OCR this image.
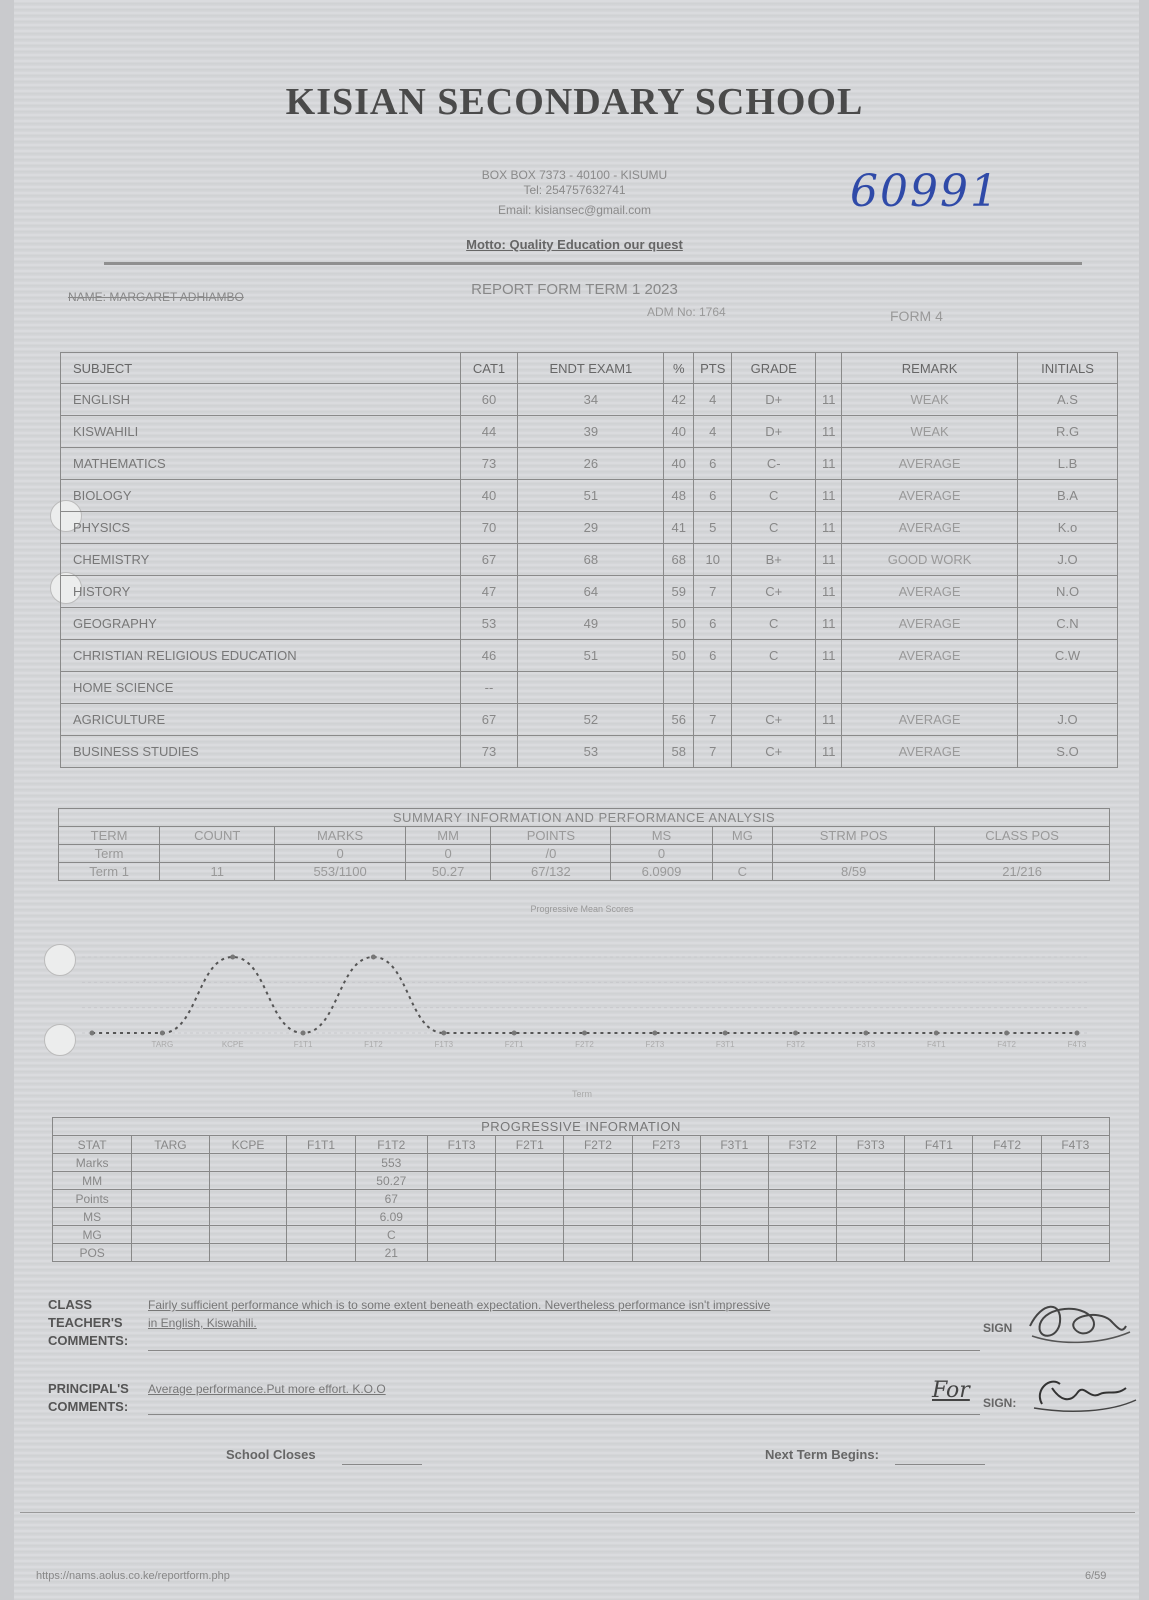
KISIAN SECONDARY SCHOOL
BOX BOX 7373 - 40100 - KISUMU
Tel: 254757632741
Email: kisiansec@gmail.com
Motto: Quality Education our quest
60991
REPORT FORM TERM 1 2023
NAME: MARGARET ADHIAMBO
ADM No: 1764	FORM 4
SUBJECT	CAT1	ENDT EXAM1	%	PTS	GRADE		REMARK	INITIALS
ENGLISH	60	34	42	4	D+	11	WEAK	A.S
KISWAHILI	44	39	40	4	D+	11	WEAK	R.G
MATHEMATICS	73	26	40	6	C-	11	AVERAGE	L.B
BIOLOGY	40	51	48	6	C	11	AVERAGE	B.A
PHYSICS	70	29	41	5	C	11	AVERAGE	K.o
CHEMISTRY	67	68	68	10	B+	11	GOOD WORK	J.O
HISTORY	47	64	59	7	C+	11	AVERAGE	N.O
GEOGRAPHY	53	49	50	6	C	11	AVERAGE	C.N
CHRISTIAN RELIGIOUS EDUCATION	46	51	50	6	C	11	AVERAGE	C.W
HOME SCIENCE	--							
AGRICULTURE	67	52	56	7	C+	11	AVERAGE	J.O
BUSINESS STUDIES	73	53	58	7	C+	11	AVERAGE	S.O
SUMMARY INFORMATION AND PERFORMANCE ANALYSIS								
TERM	COUNT	MARKS	MM	POINTS	MS	MG	STRM POS	CLASS POS
Term		0	0	/0	0			
Term 1	11	553/1100	50.27	67/132	6.0909	C	8/59	21/216
Progressive Mean Scores
TARG	KCPE	F1T1	F1T2	F1T3	F2T1	F2T2	F2T3	F3T1	F3T2	F3T3	F4T1	F4T2	F4T3
Term
PROGRESSIVE INFORMATION														
STAT	TARG	KCPE	F1T1	F1T2	F1T3	F2T1	F2T2	F2T3	F3T1	F3T2	F3T3	F4T1	F4T2	F4T3
Marks				553										
MM				50.27										
Points				67										
MS				6.09										
MG				C										
POS				21										
CLASS
TEACHER'S
COMMENTS:
Fairly sufficient performance which is to some extent beneath expectation. Nevertheless performance isn't impressive
in English, Kiswahili.	SIGN
PRINCIPAL'S
COMMENTS:
Average performance.Put more effort. K.O.O	For SIGN:
School Closes	Next Term Begins:
https://nams.aolus.co.ke/reportform.php	6/59
